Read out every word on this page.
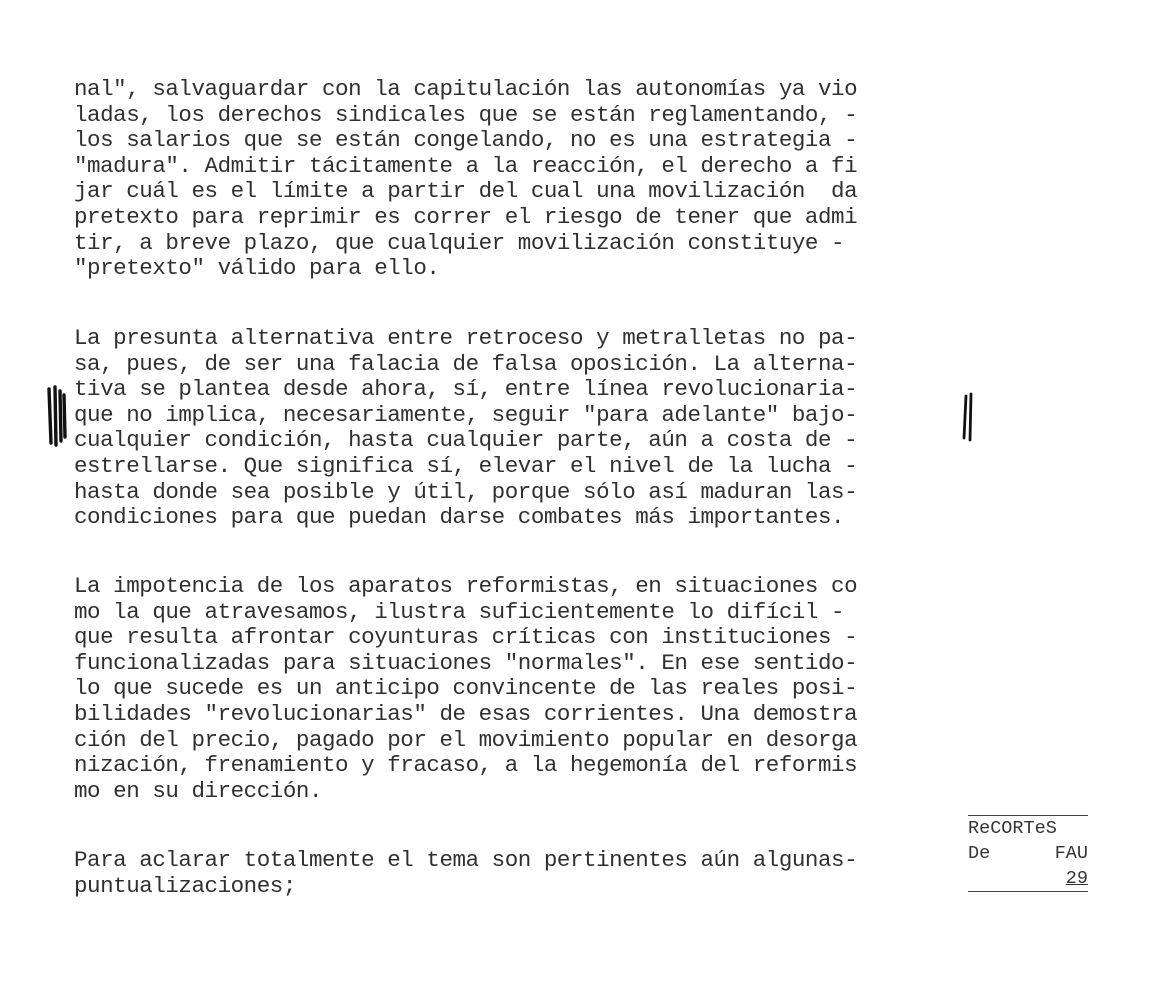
nal", salvaguardar con la capitulación las autonomías ya vio
ladas, los derechos sindicales que se están reglamentando, -
los salarios que se están congelando, no es una estrategia -
"madura". Admitir tácitamente a la reacción, el derecho a fi
jar cuál es el límite a partir del cual una movilización  da
pretexto para reprimir es correr el riesgo de tener que admi
tir, a breve plazo, que cualquier movilización constituye -
"pretexto" válido para ello.
La presunta alternativa entre retroceso y metralletas no pa-
sa, pues, de ser una falacia de falsa oposición. La alterna-
tiva se plantea desde ahora, sí, entre línea revolucionaria-
que no implica, necesariamente, seguir "para adelante" bajo-
cualquier condición, hasta cualquier parte, aún a costa de -
estrellarse. Que significa sí, elevar el nivel de la lucha -
hasta donde sea posible y útil, porque sólo así maduran las-
condiciones para que puedan darse combates más importantes.
La impotencia de los aparatos reformistas, en situaciones co
mo la que atravesamos, ilustra suficientemente lo difícil -
que resulta afrontar coyunturas críticas con instituciones -
funcionalizadas para situaciones "normales". En ese sentido-
lo que sucede es un anticipo convincente de las reales posi-
bilidades "revolucionarias" de esas corrientes. Una demostra
ción del precio, pagado por el movimiento popular en desorga
nización, frenamiento y fracaso, a la hegemonía del reformis
mo en su dirección.
Para aclarar totalmente el tema son pertinentes aún algunas-
puntualizaciones;
ReCORTeS
De	FAU
29
